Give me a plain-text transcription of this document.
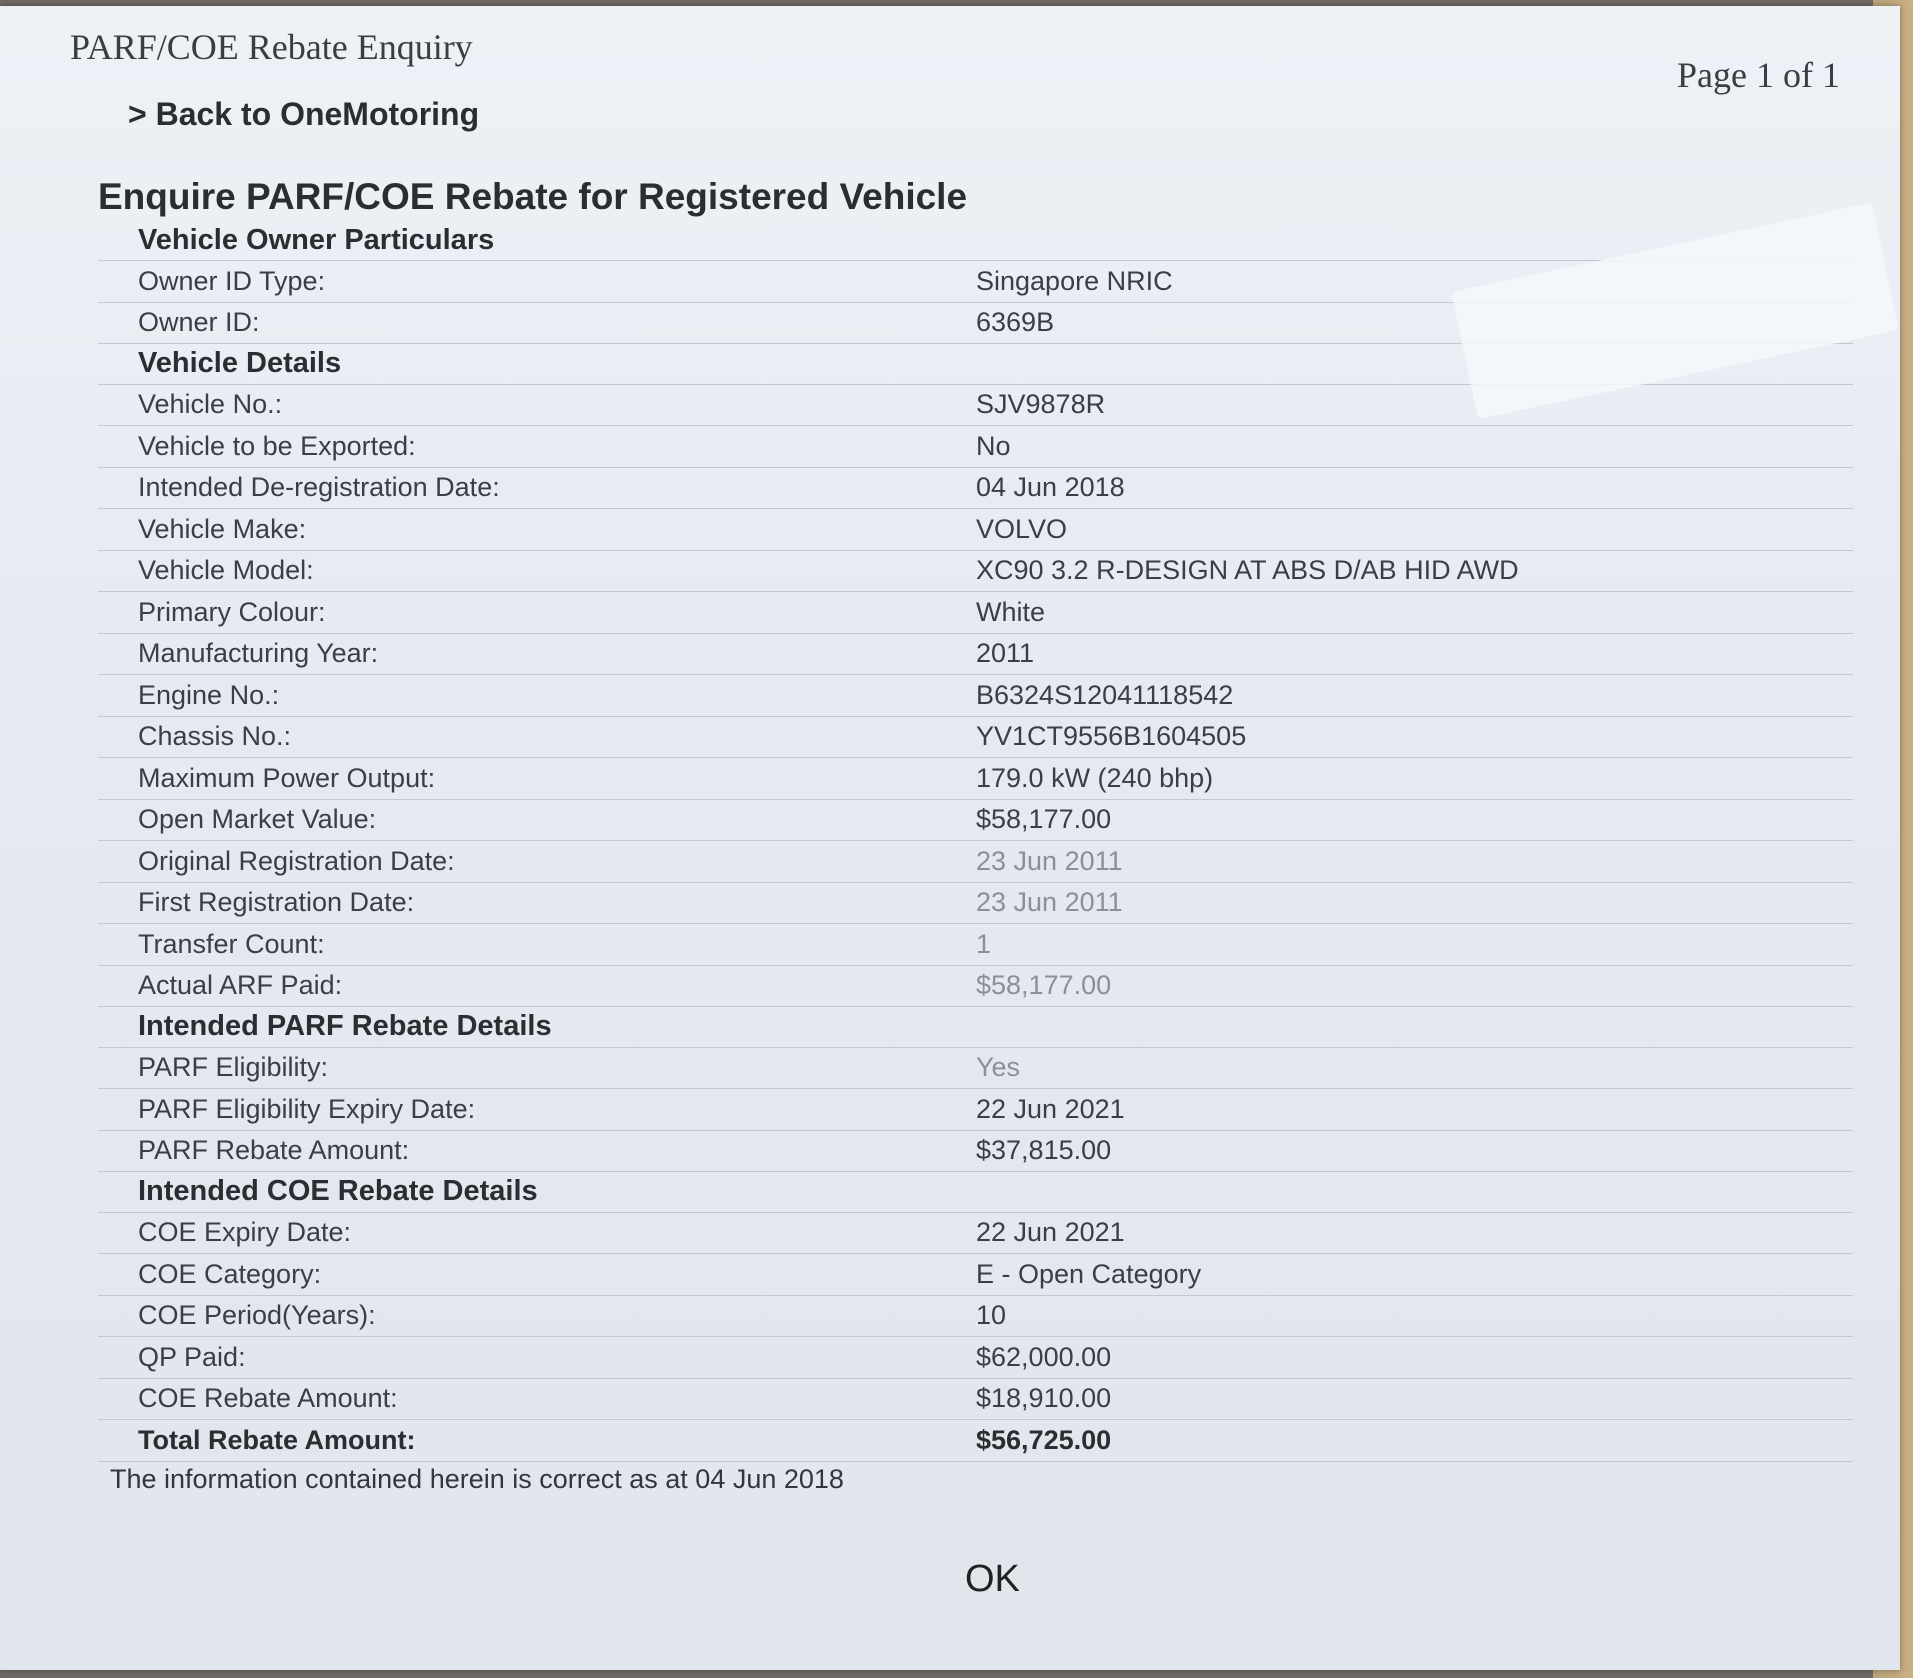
PARF/COE Rebate Enquiry
Page 1 of 1
> Back to OneMotoring
Enquire PARF/COE Rebate for Registered Vehicle
Vehicle Owner Particulars	
Owner ID Type:	Singapore NRIC
Owner ID:	6369B
Vehicle Details	
Vehicle No.:	SJV9878R
Vehicle to be Exported:	No
Intended De-registration Date:	04 Jun 2018
Vehicle Make:	VOLVO
Vehicle Model:	XC90 3.2 R-DESIGN AT ABS D/AB HID AWD
Primary Colour:	White
Manufacturing Year:	2011
Engine No.:	B6324S12041118542
Chassis No.:	YV1CT9556B1604505
Maximum Power Output:	179.0 kW (240 bhp)
Open Market Value:	$58,177.00
Original Registration Date:	23 Jun 2011
First Registration Date:	23 Jun 2011
Transfer Count:	1
Actual ARF Paid:	$58,177.00
Intended PARF Rebate Details	
PARF Eligibility:	Yes
PARF Eligibility Expiry Date:	22 Jun 2021
PARF Rebate Amount:	$37,815.00
Intended COE Rebate Details	
COE Expiry Date:	22 Jun 2021
COE Category:	E - Open Category
COE Period(Years):	10
QP Paid:	$62,000.00
COE Rebate Amount:	$18,910.00
Total Rebate Amount:	$56,725.00

The information contained herein is correct as at 04 Jun 2018

OK
